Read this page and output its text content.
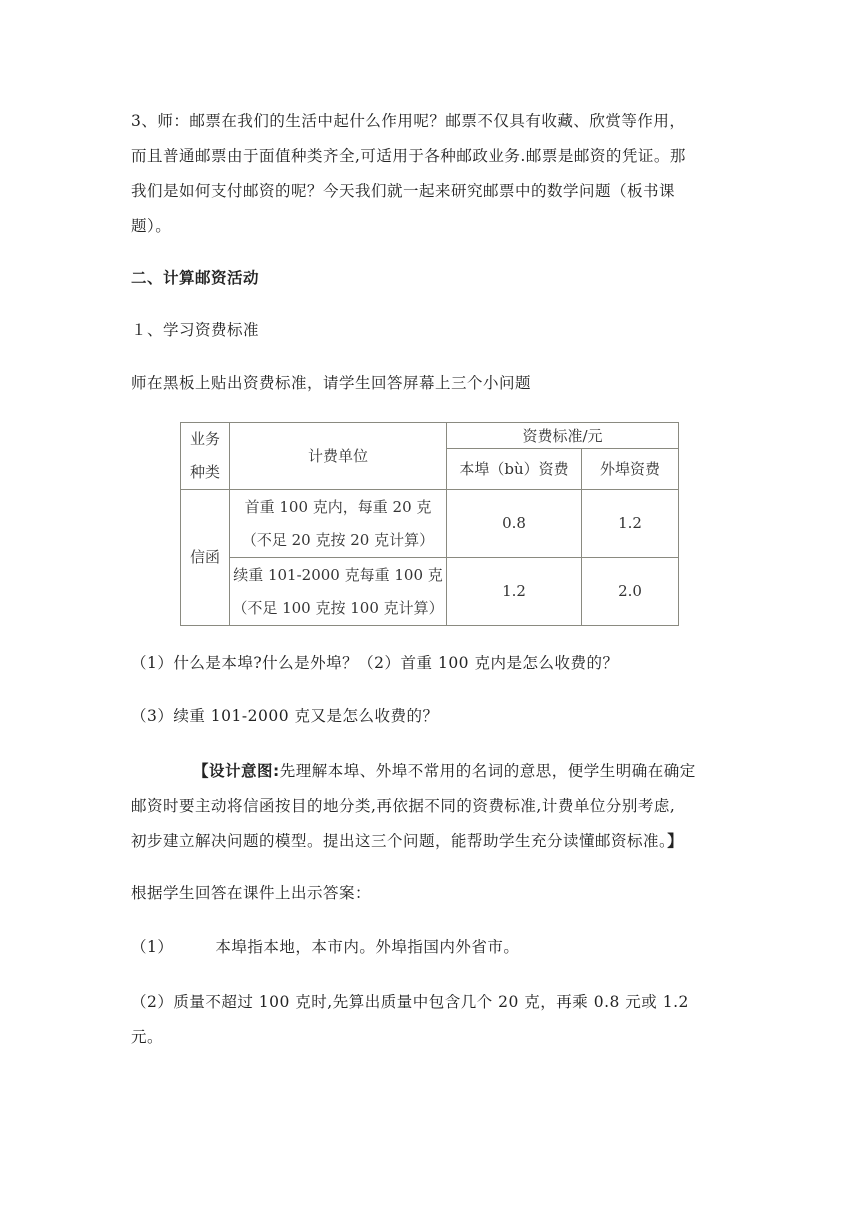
3、师：邮票在我们的生活中起什么作用呢？邮票不仅具有收藏、欣赏等作用，
而且普通邮票由于面值种类齐全,可适用于各种邮政业务.邮票是邮资的凭证。那
我们是如何支付邮资的呢？今天我们就一起来研究邮票中的数学问题（板书课
题）。

二、计算邮资活动

１、学习资费标准

师在黑板上贴出资费标准，请学生回答屏幕上三个小问题

业务
种类	计费单位	资费标准/元	
		本埠（bù）资费	外埠资费
信函	首重 100 克内，每重 20 克
（不足 20 克按 20 克计算）	0.8	1.2
	续重 101-2000 克每重 100 克
（不足 100 克按 100 克计算）	1.2	2.0

（1）什么是本埠?什么是外埠？（2）首重 100 克内是怎么收费的？

（3）续重 101-2000 克又是怎么收费的？

【设计意图:先理解本埠、外埠不常用的名词的意思，便学生明确在确定
邮资时要主动将信函按目的地分类,再依据不同的资费标准,计费单位分别考虑,
初步建立解决问题的模型。提出这三个问题，能帮助学生充分读懂邮资标准。】

根据学生回答在课件上出示答案：

（1）	本埠指本地，本市内。外埠指国内外省市。

（2）质量不超过 100 克时,先算出质量中包含几个 20 克，再乘 0.8 元或 1.2
元。
